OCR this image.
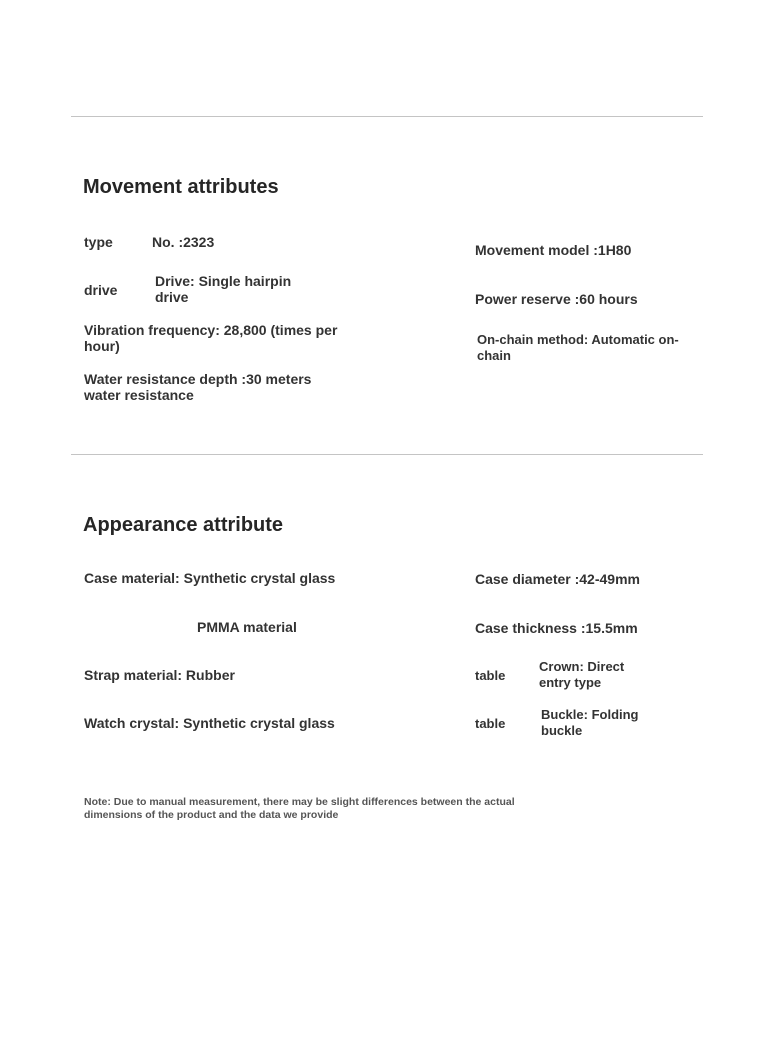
Movement attributes
type	No. :2323
drive
Drive: Single hairpin drive
Vibration frequency: 28,800 (times per hour)
Water resistance depth :30 meters water resistance
Movement model :1H80
Power reserve :60 hours
On-chain method: Automatic on-chain
Appearance attribute
Case material: Synthetic crystal glass
PMMA material
Strap material: Rubber
Watch crystal: Synthetic crystal glass
Case diameter :42-49mm
Case thickness :15.5mm
table
Crown: Direct entry type
table
Buckle: Folding buckle
Note: Due to manual measurement, there may be slight differences between the actual dimensions of the product and the data we provide
